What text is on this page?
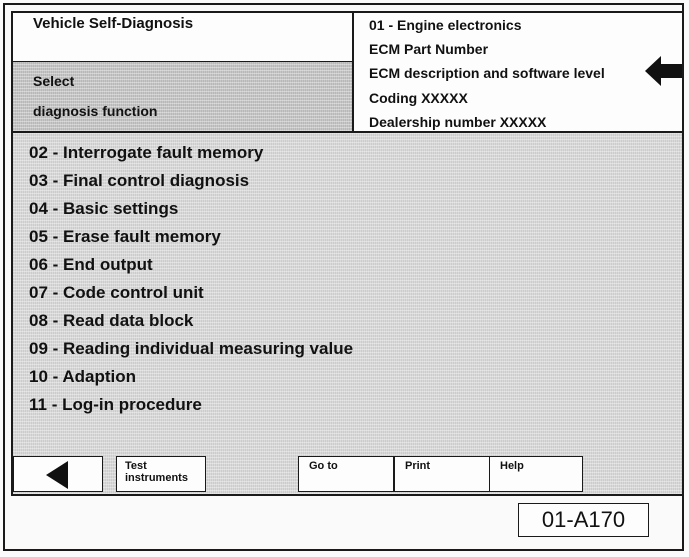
Vehicle Self-Diagnosis
Select
diagnosis function
01 - Engine electronics
ECM Part Number
ECM description and software level
Coding XXXXX
Dealership number XXXXX
02 - Interrogate fault memory
03 - Final control diagnosis
04 - Basic settings
05 - Erase fault memory
06 - End output
07 - Code control unit
08 - Read data block
09 - Reading individual measuring value
10 - Adaption
11 - Log-in procedure
Test
instruments
Go to	Print	Help
01-A170
